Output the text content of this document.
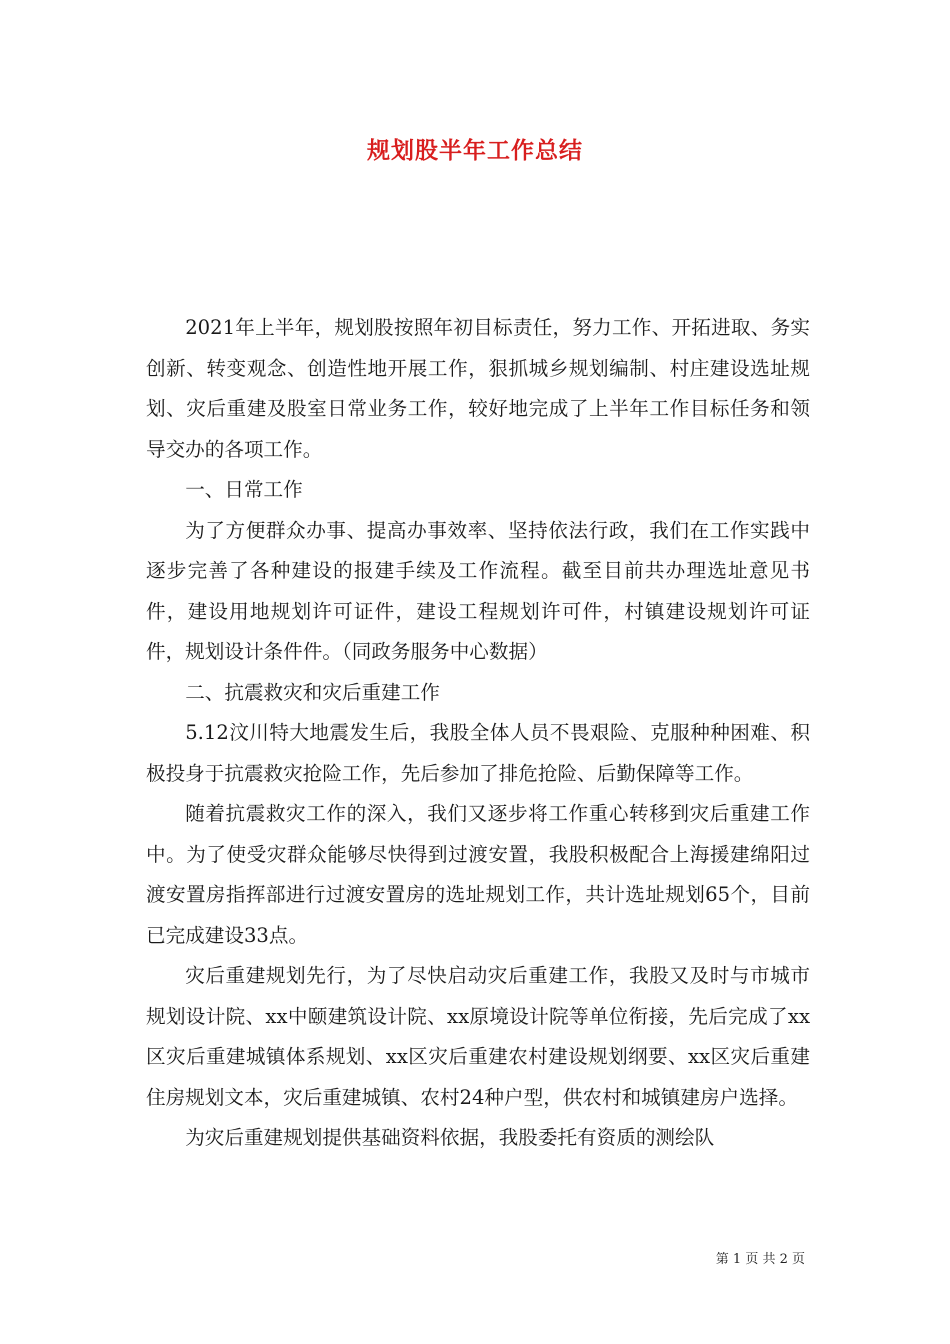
规划股半年工作总结

2021年上半年，规划股按照年初目标责任，努力工作、开拓进取、务实创新、转变观念、创造性地开展工作，狠抓城乡规划编制、村庄建设选址规划、灾后重建及股室日常业务工作，较好地完成了上半年工作目标任务和领导交办的各项工作。

一、日常工作

为了方便群众办事、提高办事效率、坚持依法行政，我们在工作实践中逐步完善了各种建设的报建手续及工作流程。截至目前共办理选址意见书件，建设用地规划许可证件，建设工程规划许可件，村镇建设规划许可证件，规划设计条件件。（同政务服务中心数据）

二、抗震救灾和灾后重建工作

5.12汶川特大地震发生后，我股全体人员不畏艰险、克服种种困难、积极投身于抗震救灾抢险工作，先后参加了排危抢险、后勤保障等工作。

随着抗震救灾工作的深入，我们又逐步将工作重心转移到灾后重建工作中。为了使受灾群众能够尽快得到过渡安置，我股积极配合上海援建绵阳过渡安置房指挥部进行过渡安置房的选址规划工作，共计选址规划65个，目前已完成建设33点。

灾后重建规划先行，为了尽快启动灾后重建工作，我股又及时与市城市规划设计院、xx中颐建筑设计院、xx原境设计院等单位衔接，先后完成了xx区灾后重建城镇体系规划、xx区灾后重建农村建设规划纲要、xx区灾后重建住房规划文本，灾后重建城镇、农村24种户型，供农村和城镇建房户选择。

为灾后重建规划提供基础资料依据，我股委托有资质的测绘队

第 1 页 共 2 页
